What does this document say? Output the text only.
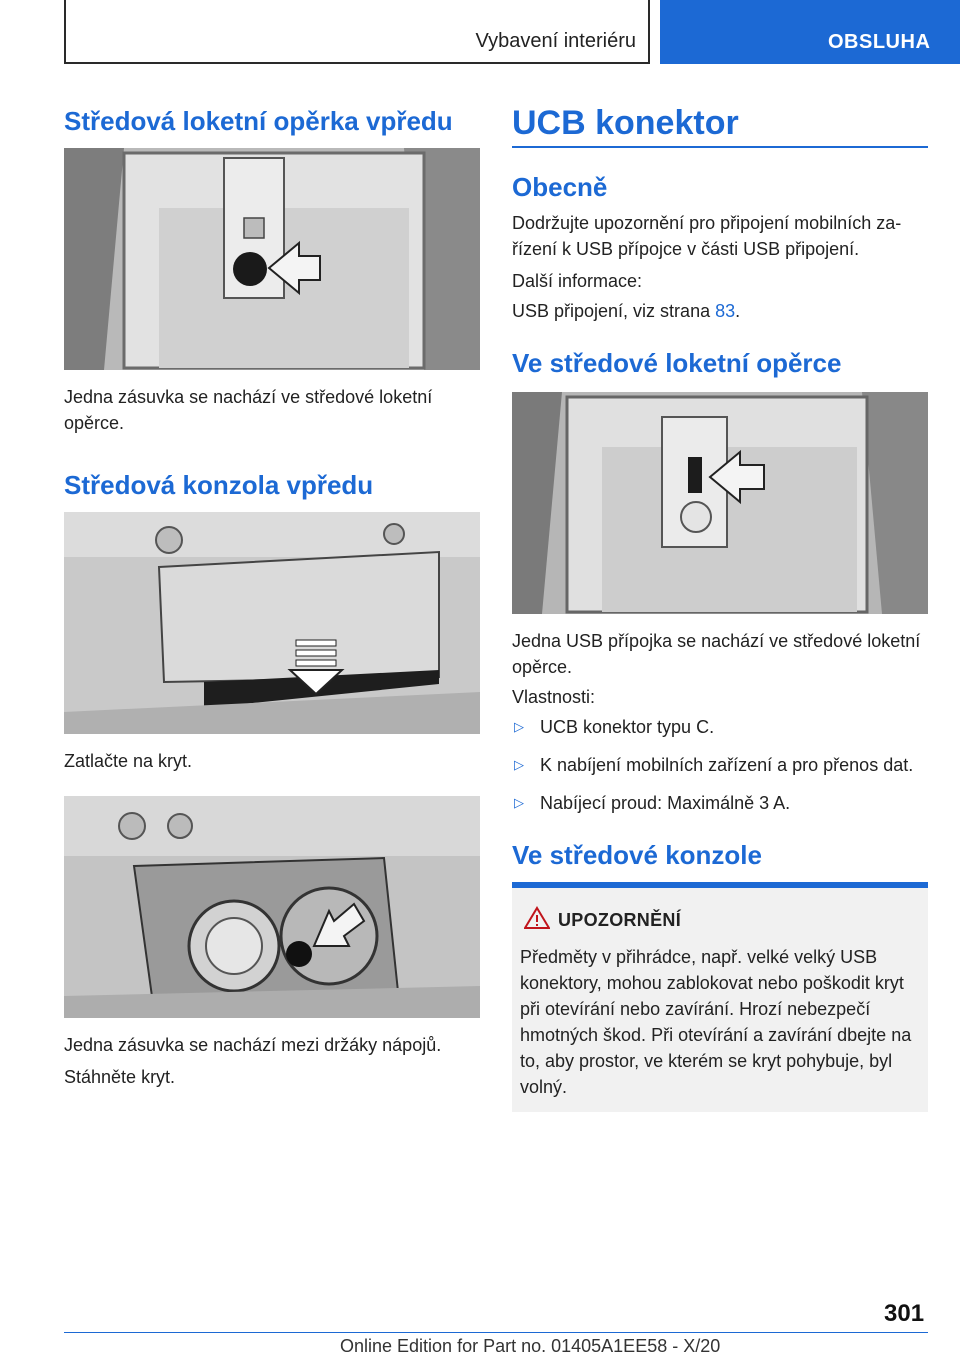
Vybavení interiéru	OBSLUHA
Středová loketní opěrka vpředu
Jedna zásuvka se nachází ve středové loketní opěrce.
Středová konzola vpředu
Zatlačte na kryt.
Jedna zásuvka se nachází mezi držáky nápojů.
Stáhněte kryt.
UCB konektor
Obecně
Dodržujte upozornění pro připojení mobilních zařízení k USB přípojce v části USB připojení.
Další informace:
USB připojení, viz strana 83.
Ve středové loketní opěrce
Jedna USB přípojka se nachází ve středové loketní opěrce.
Vlastnosti:
▷ UCB konektor typu C.
▷ K nabíjení mobilních zařízení a pro přenos dat.
▷ Nabíjecí proud: Maximálně 3 A.
Ve středové konzole
UPOZORNĚNÍ
Předměty v přihrádce, např. velké velký USB konektory, mohou zablokovat nebo poškodit kryt při otevírání nebo zavírání. Hrozí nebezpečí hmotných škod. Při otevírání a zavírání dbejte na to, aby prostor, ve kterém se kryt pohybuje, byl volný.
301
Online Edition for Part no. 01405A1EE58 - X/20
